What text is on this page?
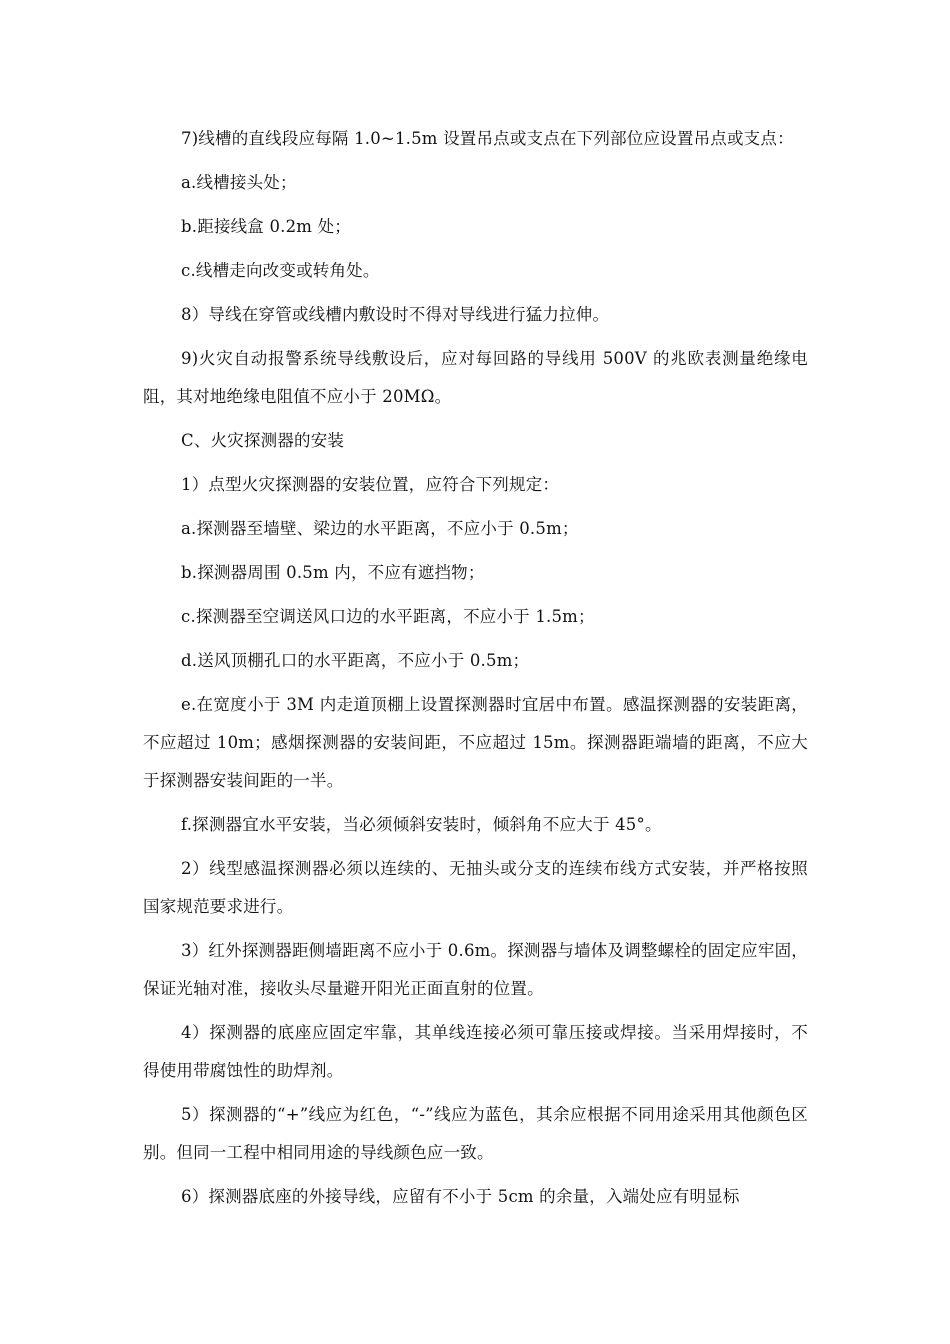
7)线槽的直线段应每隔 1.0~1.5m 设置吊点或支点在下列部位应设置吊点或支点：

a.线槽接头处；

b.距接线盒 0.2m 处；

c.线槽走向改变或转角处。

8）导线在穿管或线槽内敷设时不得对导线进行猛力拉伸。

9)火灾自动报警系统导线敷设后，应对每回路的导线用 500V 的兆欧表测量绝缘电阻，其对地绝缘电阻值不应小于 20MΩ。

C、火灾探测器的安装

1）点型火灾探测器的安装位置，应符合下列规定：

a.探测器至墙壁、梁边的水平距离，不应小于 0.5m；

b.探测器周围 0.5m 内，不应有遮挡物；

c.探测器至空调送风口边的水平距离，不应小于 1.5m；

d.送风顶棚孔口的水平距离，不应小于 0.5m；

e.在宽度小于 3M 内走道顶棚上设置探测器时宜居中布置。感温探测器的安装距离，不应超过 10m；感烟探测器的安装间距，不应超过 15m。探测器距端墙的距离，不应大于探测器安装间距的一半。

f.探测器宜水平安装，当必须倾斜安装时，倾斜角不应大于 45°。

2）线型感温探测器必须以连续的、无抽头或分支的连续布线方式安装，并严格按照国家规范要求进行。

3）红外探测器距侧墙距离不应小于 0.6m。探测器与墙体及调整螺栓的固定应牢固，保证光轴对准，接收头尽量避开阳光正面直射的位置。

4）探测器的底座应固定牢靠，其单线连接必须可靠压接或焊接。当采用焊接时，不得使用带腐蚀性的助焊剂。

5）探测器的“+”线应为红色，“-”线应为蓝色，其余应根据不同用途采用其他颜色区别。但同一工程中相同用途的导线颜色应一致。

6）探测器底座的外接导线，应留有不小于 5cm 的余量，入端处应有明显标
